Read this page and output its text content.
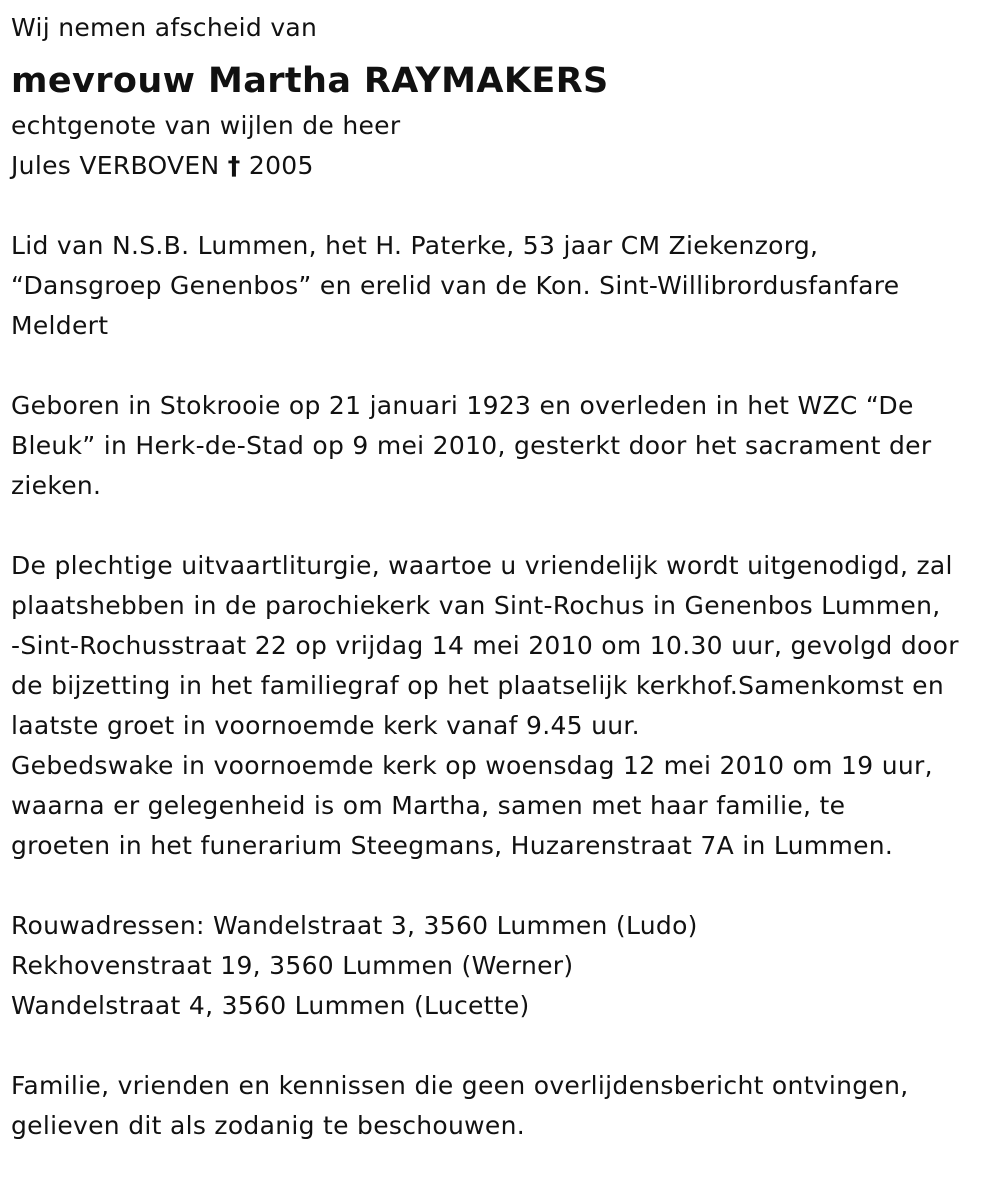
Wij nemen afscheid van
mevrouw Martha RAYMAKERS
echtgenote van wijlen de heer
Jules VERBOVEN † 2005
Lid van N.S.B. Lummen, het H. Paterke, 53 jaar CM Ziekenzorg,
“Dansgroep Genenbos” en erelid van de Kon. Sint-Willibrordusfanfare
Meldert
Geboren in Stokrooie op 21 januari 1923 en overleden in het WZC “De
Bleuk” in Herk-de-Stad op 9 mei 2010, gesterkt door het sacrament der
zieken.
De plechtige uitvaartliturgie, waartoe u vriendelijk wordt uitgenodigd, zal
plaatshebben in de parochiekerk van Sint-Rochus in Genenbos Lummen,
-Sint-Rochusstraat 22 op vrijdag 14 mei 2010 om 10.30 uur, gevolgd door
de bijzetting in het familiegraf op het plaatselijk kerkhof.Samenkomst en
laatste groet in voornoemde kerk vanaf 9.45 uur.
Gebedswake in voornoemde kerk op woensdag 12 mei 2010 om 19 uur,
waarna er gelegenheid is om Martha, samen met haar familie, te
groeten in het funerarium Steegmans, Huzarenstraat 7A in Lummen.
Rouwadressen: Wandelstraat 3, 3560 Lummen (Ludo)
Rekhovenstraat 19, 3560 Lummen (Werner)
Wandelstraat 4, 3560 Lummen (Lucette)
Familie, vrienden en kennissen die geen overlijdensbericht ontvingen,
gelieven dit als zodanig te beschouwen.
